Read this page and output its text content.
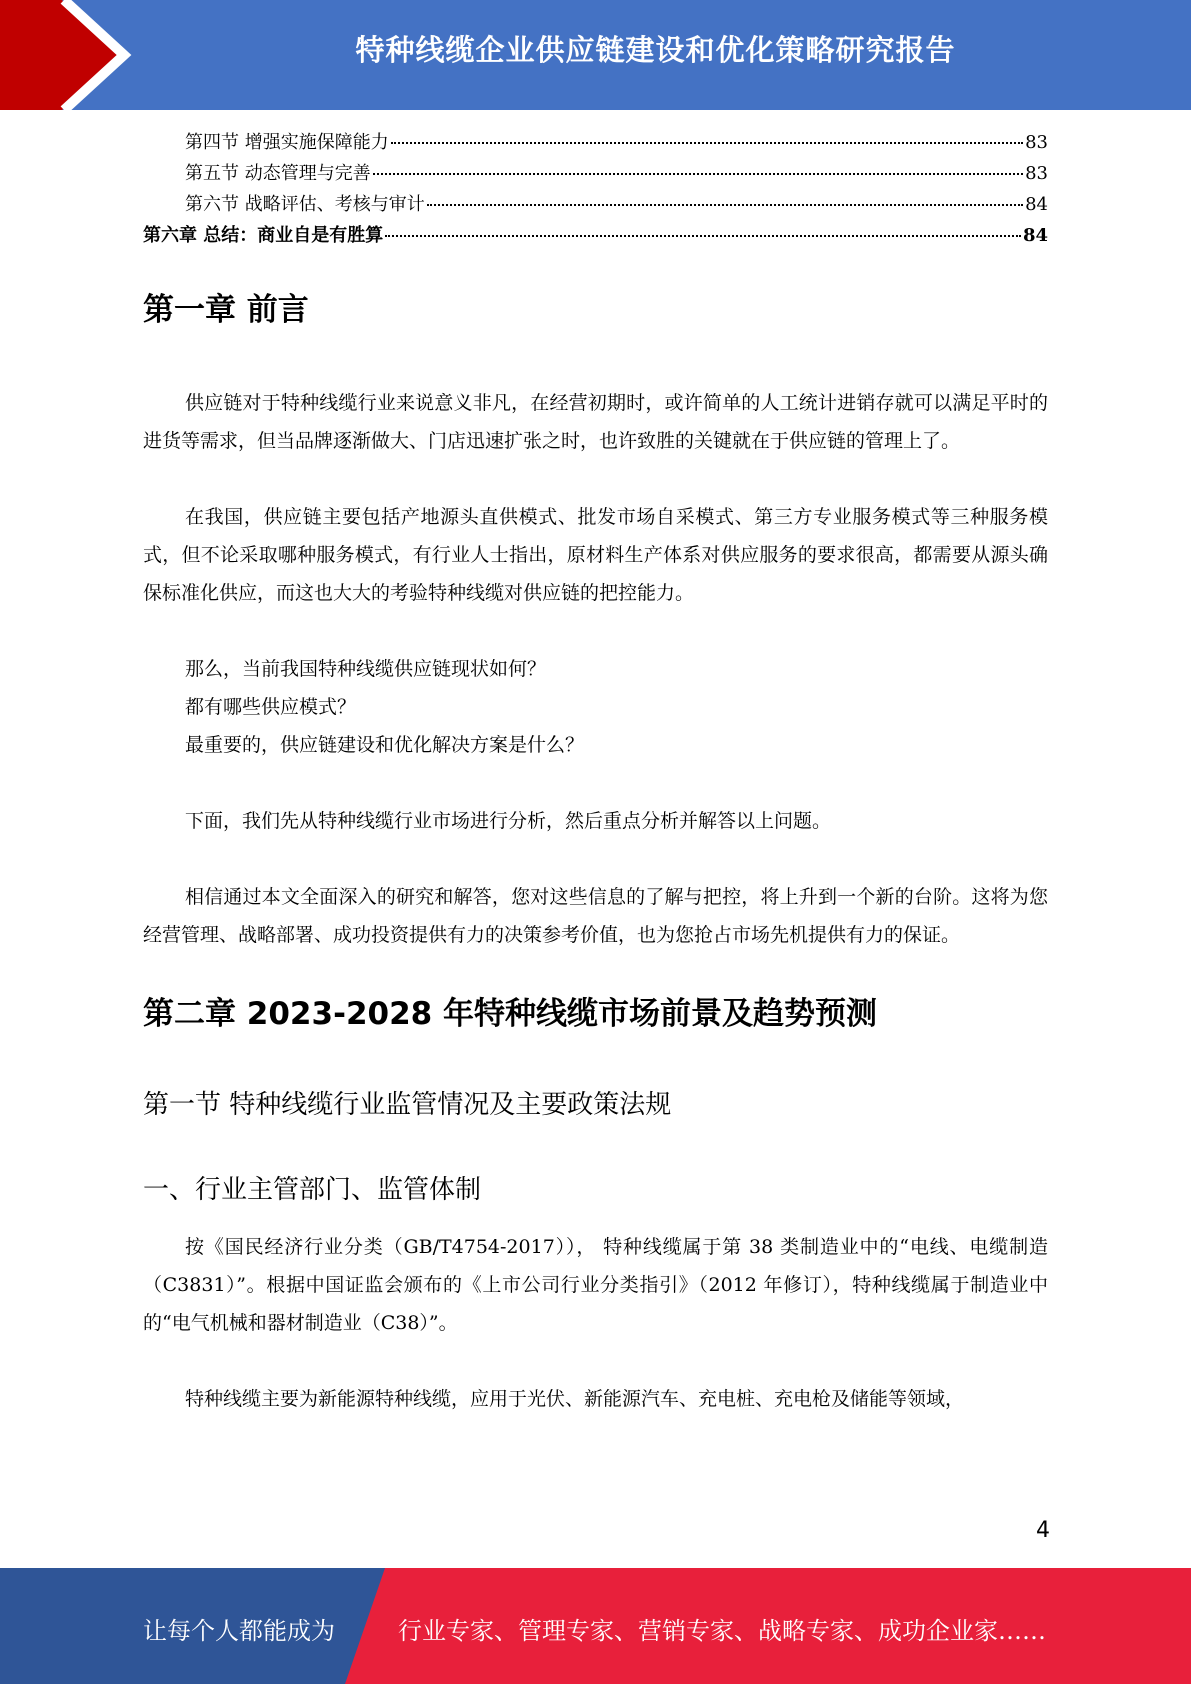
特种线缆企业供应链建设和优化策略研究报告
第四节 增强实施保障能力	83
第五节 动态管理与完善	83
第六节 战略评估、考核与审计	84
第六章 总结：商业自是有胜算	84
第一章 前言

供应链对于特种线缆行业来说意义非凡，在经营初期时，或许简单的人工统计进销存就可以满足平时的进货等需求，但当品牌逐渐做大、门店迅速扩张之时，也许致胜的关键就在于供应链的管理上了。

在我国，供应链主要包括产地源头直供模式、批发市场自采模式、第三方专业服务模式等三种服务模式，但不论采取哪种服务模式，有行业人士指出，原材料生产体系对供应服务的要求很高，都需要从源头确保标准化供应，而这也大大的考验特种线缆对供应链的把控能力。

那么，当前我国特种线缆供应链现状如何？

都有哪些供应模式？

最重要的，供应链建设和优化解决方案是什么？

下面，我们先从特种线缆行业市场进行分析，然后重点分析并解答以上问题。

相信通过本文全面深入的研究和解答，您对这些信息的了解与把控，将上升到一个新的台阶。这将为您经营管理、战略部署、成功投资提供有力的决策参考价值，也为您抢占市场先机提供有力的保证。

第二章 2023-2028 年特种线缆市场前景及趋势预测
第一节 特种线缆行业监管情况及主要政策法规
一、行业主管部门、监管体制

按《国民经济行业分类（GB/T4754-2017））， 特种线缆属于第 38 类制造业中的“电线、电缆制造（C3831）”。根据中国证监会颁布的《上市公司行业分类指引》（2012 年修订），特种线缆属于制造业中的“电气机械和器材制造业（C38）”。

特种线缆主要为新能源特种线缆，应用于光伏、新能源汽车、充电桩、充电枪及储能等领域，

4
让每个人都能成为	行业专家、管理专家、营销专家、战略专家、成功企业家……
